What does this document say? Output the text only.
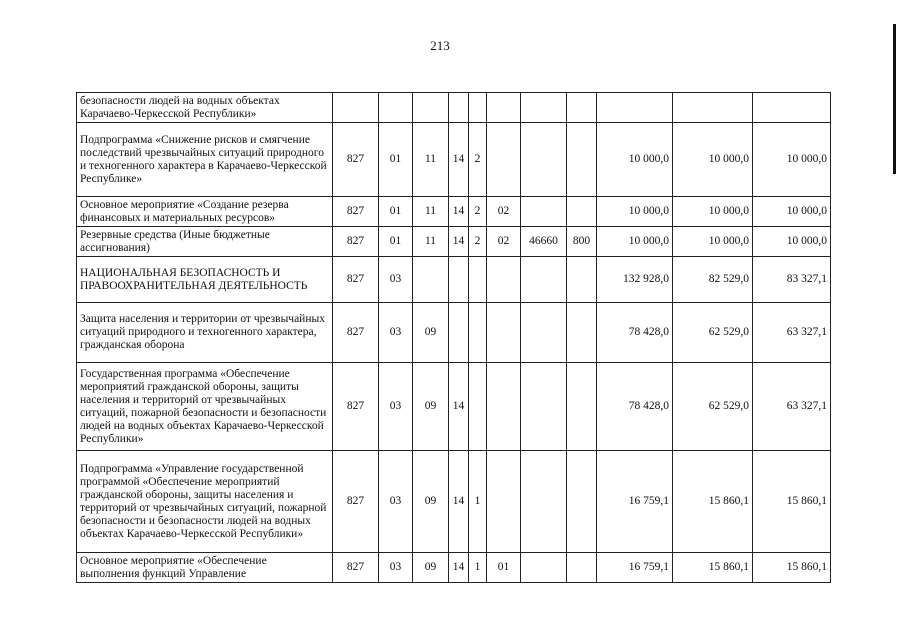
213
безопасности людей на водных объектах Карачаево-Черкесской Республики»											
Подпрограмма «Снижение рисков и смягчение последствий чрезвычайных ситуаций природного и техногенного характера в Карачаево-Черкесской Республике»	827	01	11	14	2				10 000,0	10 000,0	10 000,0
Основное мероприятие «Создание резерва финансовых и материальных ресурсов»	827	01	11	14	2	02			10 000,0	10 000,0	10 000,0
Резервные средства (Иные бюджетные ассигнования)	827	01	11	14	2	02	46660	800	10 000,0	10 000,0	10 000,0
НАЦИОНАЛЬНАЯ БЕЗОПАСНОСТЬ И ПРАВООХРАНИТЕЛЬНАЯ ДЕЯТЕЛЬНОСТЬ	827	03							132 928,0	82 529,0	83 327,1
Защита населения и территории от чрезвычайных ситуаций природного и техногенного характера, гражданская оборона	827	03	09						78 428,0	62 529,0	63 327,1
Государственная программа «Обеспечение мероприятий гражданской обороны, защиты населения и территорий от чрезвычайных ситуаций, пожарной безопасности и безопасности людей на водных объектах Карачаево-Черкесской Республики»	827	03	09	14					78 428,0	62 529,0	63 327,1
Подпрограмма «Управление государственной программой «Обеспечение мероприятий гражданской обороны, защиты населения и территорий от чрезвычайных ситуаций, пожарной безопасности и безопасности людей на водных объектах Карачаево-Черкесской Республики»	827	03	09	14	1				16 759,1	15 860,1	15 860,1
Основное мероприятие «Обеспечение выполнения функций Управление	827	03	09	14	1	01			16 759,1	15 860,1	15 860,1
